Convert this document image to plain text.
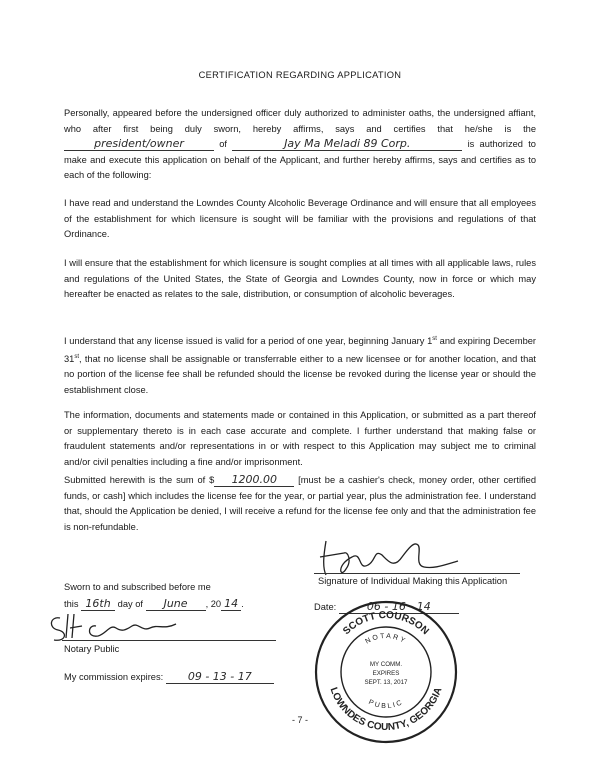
CERTIFICATION REGARDING APPLICATION
Personally, appeared before the undersigned officer duly authorized to administer oaths, the undersigned affiant, who after first being duly sworn, hereby affirms, says and certifies that he/she is the president/owner	of	Jay Ma Meladi 89 Corp.	is authorized to make and execute this application on behalf of the Applicant, and further hereby affirms, says and certifies as to each of the following:
I have read and understand the Lowndes County Alcoholic Beverage Ordinance and will ensure that all employees of the establishment for which licensure is sought will be familiar with the provisions and regulations of that Ordinance.
I will ensure that the establishment for which licensure is sought complies at all times with all applicable laws, rules and regulations of the United States, the State of Georgia and Lowndes County, now in force or which may hereafter be enacted as relates to the sale, distribution, or consumption of alcoholic beverages.
I understand that any license issued is valid for a period of one year, beginning January 1st and expiring December 31st, that no license shall be assignable or transferrable either to a new licensee or for another location, and that no portion of the license fee shall be refunded should the license be revoked during the license year or should the establishment close.
The information, documents and statements made or contained in this Application, or submitted as a part thereof or supplementary thereto is in each case accurate and complete. I further understand that making false or fraudulent statements and/or representations in or with respect to this Application may subject me to criminal and/or civil penalties including a fine and/or imprisonment.
Submitted herewith is the sum of $ 1200.00 [must be a cashier's check, money order, other certified funds, or cash] which includes the license fee for the year, or partial year, plus the administration fee. I understand that, should the Application be denied, I will receive a refund for the license fee only and that the administration fee is non-refundable.
Signature of Individual Making this Application
Sworn to and subscribed before me
this 16th day of June , 20 14 .
Notary Public
My commission expires: 09 - 13 - 17
Date:	06 - 16 - 14
SCOTT COURSON
LOWNDES COUNTY, GEORGIA
NOTARY
PUBLIC
MY COMM.
EXPIRES
SEPT. 13, 2017
- 7 -
